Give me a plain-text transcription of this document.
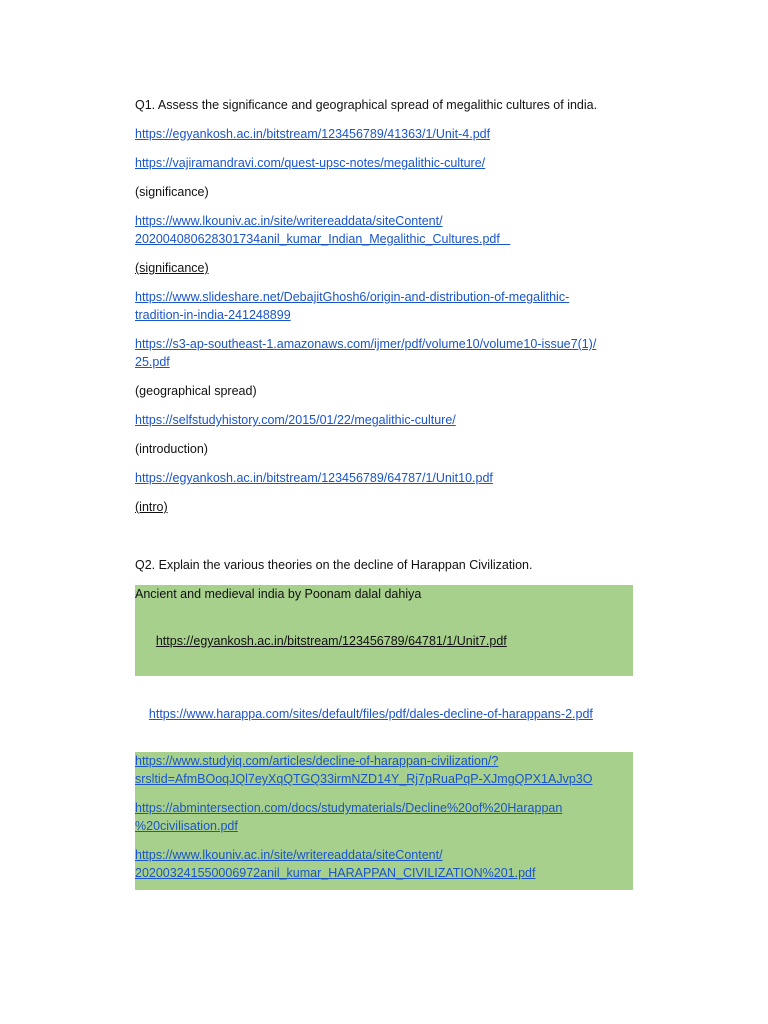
Q1. Assess the significance and geographical spread of megalithic cultures of india.

https://egyankosh.ac.in/bitstream/123456789/41363/1/Unit-4.pdf

https://vajiramandravi.com/quest-upsc-notes/megalithic-culture/

(significance)

https://www.lkouniv.ac.in/site/writereaddata/siteContent/
202004080628301734anil_kumar_Indian_Megalithic_Cultures.pdf

(significance)

https://www.slideshare.net/DebajitGhosh6/origin-and-distribution-of-megalithic-
tradition-in-india-241248899

https://s3-ap-southeast-1.amazonaws.com/ijmer/pdf/volume10/volume10-issue7(1)/
25.pdf

(geographical spread)

https://selfstudyhistory.com/2015/01/22/megalithic-culture/

(introduction)

https://egyankosh.ac.in/bitstream/123456789/64787/1/Unit10.pdf

(intro)

Q2. Explain the various theories on the decline of Harappan Civilization.

Ancient and medieval india by Poonam dalal dahiya

https://egyankosh.ac.in/bitstream/123456789/64781/1/Unit7.pdf

https://www.harappa.com/sites/default/files/pdf/dales-decline-of-harappans-2.pdf

https://www.studyiq.com/articles/decline-of-harappan-civilization/?
srsltid=AfmBOoqJQl7eyXqQTGQ33irmNZD14Y_Rj7pRuaPqP-XJmgQPX1AJvp3O

https://abmintersection.com/docs/studymaterials/Decline%20of%20Harappan
%20civilisation.pdf

https://www.lkouniv.ac.in/site/writereaddata/siteContent/
202003241550006972anil_kumar_HARAPPAN_CIVILIZATION%201.pdf
